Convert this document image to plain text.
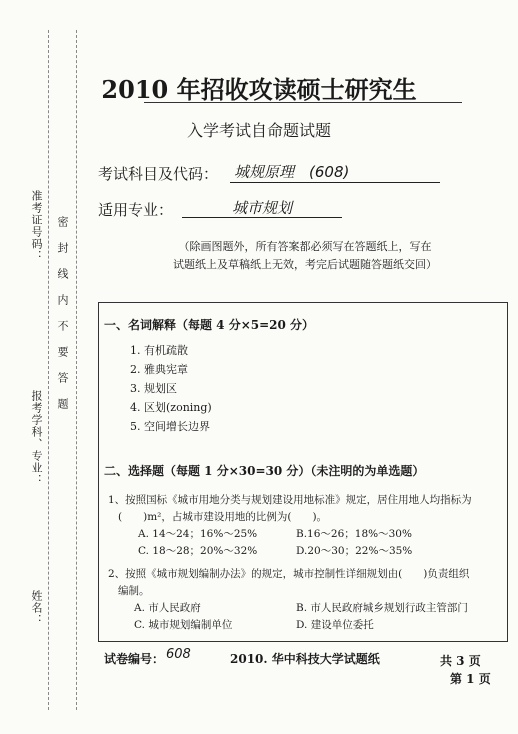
准考证号码： 密　封　线　内　不　要　答　题
报考学科、专业：
姓名：
2010 年招收攻读硕士研究生
入学考试自命题试题
考试科目及代码： 城规原理　(608)
适用专业：	城市规划
（除画图题外，所有答案都必须写在答题纸上，写在
试题纸上及草稿纸上无效，考完后试题随答题纸交回）
一、名词解释（每题 4 分×5=20 分）
1. 有机疏散
2. 雅典宪章
3. 规划区
4. 区划(zoning)
5. 空间增长边界
二、选择题（每题 1 分×30=30 分）（未注明的为单选题）
1、按照国标《城市用地分类与规划建设用地标准》规定，居住用地人均指标为
(　　)m²，占城市建设用地的比例为(　　)。
A. 14～24；16%～25%	B.16～26；18%～30%
C. 18～28；20%～32%	D.20～30；22%～35%
2、按照《城市规划编制办法》的规定，城市控制性详细规划由(　　)负责组织
编制。
A. 市人民政府	B. 市人民政府城乡规划行政主管部门
C. 城市规划编制单位	D. 建设单位委托
试卷编号： 608	2010. 华中科技大学试题纸	共 3 页
第 1 页
